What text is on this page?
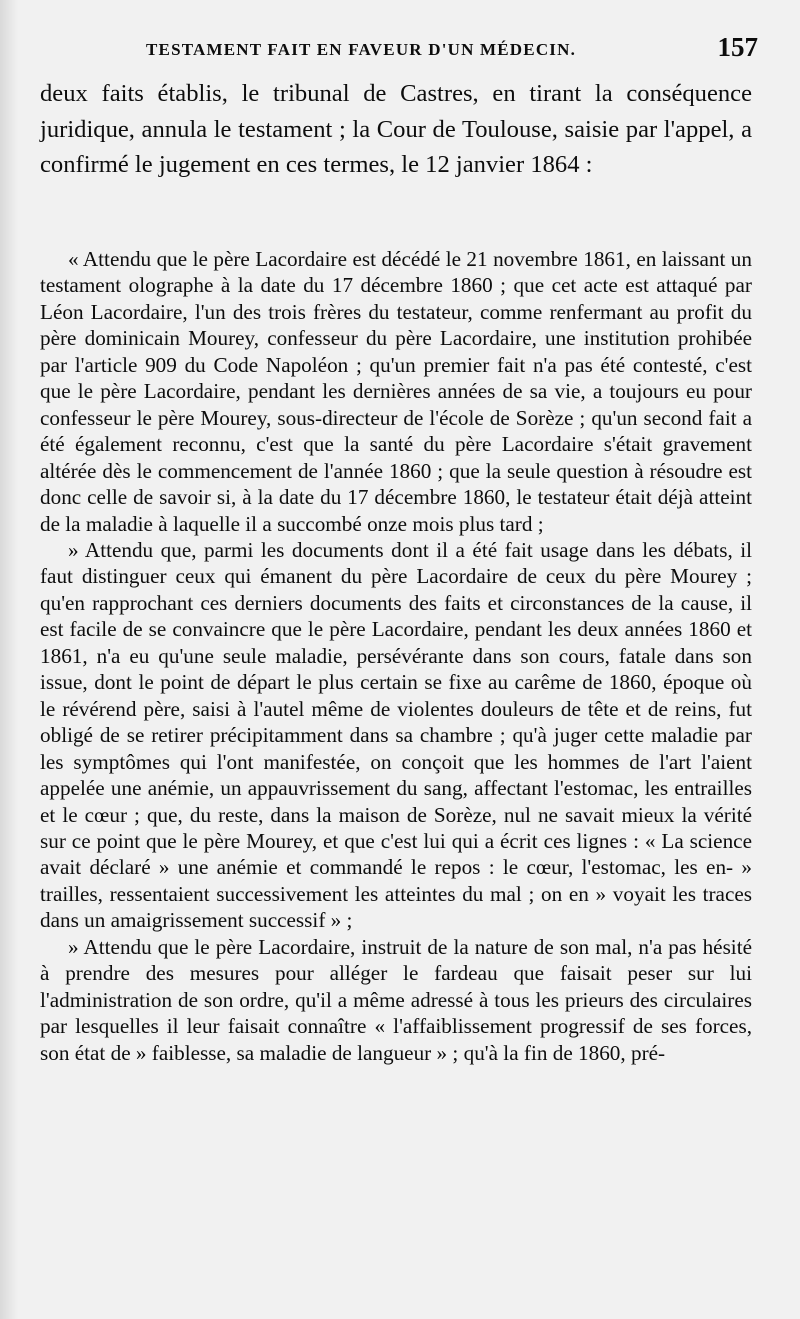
TESTAMENT FAIT EN FAVEUR D'UN MÉDECIN.	157

deux faits établis, le tribunal de Castres, en tirant la conséquence juridique, annula le testament ; la Cour de Toulouse, saisie par l'appel, a confirmé le jugement en ces termes, le 12 janvier 1864 :

« Attendu que le père Lacordaire est décédé le 21 novembre 1861, en laissant un testament olographe à la date du 17 décembre 1860 ; que cet acte est attaqué par Léon Lacordaire, l'un des trois frères du testateur, comme renfermant au profit du père dominicain Mourey, confesseur du père Lacordaire, une institution prohibée par l'article 909 du Code Napoléon ; qu'un premier fait n'a pas été contesté, c'est que le père Lacordaire, pendant les dernières années de sa vie, a toujours eu pour confesseur le père Mourey, sous-directeur de l'école de Sorèze ; qu'un second fait a été également reconnu, c'est que la santé du père Lacordaire s'était gravement altérée dès le commencement de l'année 1860 ; que la seule question à résoudre est donc celle de savoir si, à la date du 17 décembre 1860, le testateur était déjà atteint de la maladie à laquelle il a succombé onze mois plus tard ;

» Attendu que, parmi les documents dont il a été fait usage dans les débats, il faut distinguer ceux qui émanent du père Lacordaire de ceux du père Mourey ; qu'en rapprochant ces derniers documents des faits et circonstances de la cause, il est facile de se convaincre que le père Lacordaire, pendant les deux années 1860 et 1861, n'a eu qu'une seule maladie, persévérante dans son cours, fatale dans son issue, dont le point de départ le plus certain se fixe au carême de 1860, époque où le révérend père, saisi à l'autel même de violentes douleurs de tête et de reins, fut obligé de se retirer précipitamment dans sa chambre ; qu'à juger cette maladie par les symptômes qui l'ont manifestée, on conçoit que les hommes de l'art l'aient appelée une anémie, un appauvrissement du sang, affectant l'estomac, les entrailles et le cœur ; que, du reste, dans la maison de Sorèze, nul ne savait mieux la vérité sur ce point que le père Mourey, et que c'est lui qui a écrit ces lignes : « La science avait déclaré » une anémie et commandé le repos : le cœur, l'estomac, les en- » trailles, ressentaient successivement les atteintes du mal ; on en » voyait les traces dans un amaigrissement successif » ;

» Attendu que le père Lacordaire, instruit de la nature de son mal, n'a pas hésité à prendre des mesures pour alléger le fardeau que faisait peser sur lui l'administration de son ordre, qu'il a même adressé à tous les prieurs des circulaires par lesquelles il leur faisait connaître « l'affaiblissement progressif de ses forces, son état de » faiblesse, sa maladie de langueur » ; qu'à la fin de 1860, pré-
